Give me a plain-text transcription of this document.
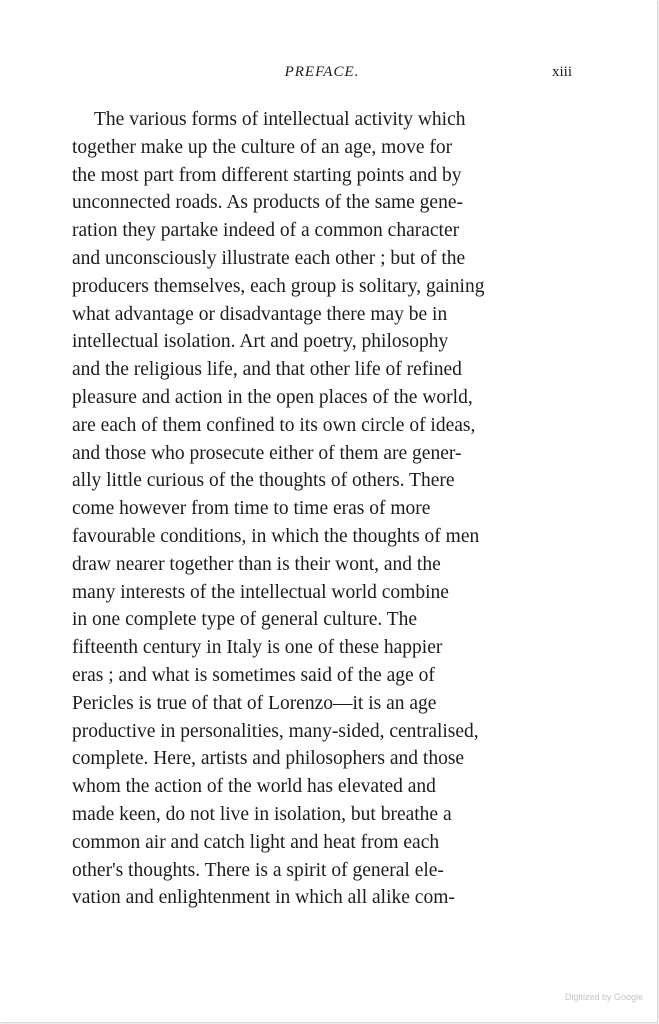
PREFACE.	xiii
The various forms of intellectual activity which
together make up the culture of an age, move for
the most part from different starting points and by
unconnected roads. As products of the same gene-
ration they partake indeed of a common character
and unconsciously illustrate each other ; but of the
producers themselves, each group is solitary, gaining
what advantage or disadvantage there may be in
intellectual isolation. Art and poetry, philosophy
and the religious life, and that other life of refined
pleasure and action in the open places of the world,
are each of them confined to its own circle of ideas,
and those who prosecute either of them are gener-
ally little curious of the thoughts of others. There
come however from time to time eras of more
favourable conditions, in which the thoughts of men
draw nearer together than is their wont, and the
many interests of the intellectual world combine
in one complete type of general culture. The
fifteenth century in Italy is one of these happier
eras ; and what is sometimes said of the age of
Pericles is true of that of Lorenzo—it is an age
productive in personalities, many-sided, centralised,
complete. Here, artists and philosophers and those
whom the action of the world has elevated and
made keen, do not live in isolation, but breathe a
common air and catch light and heat from each
other's thoughts. There is a spirit of general ele-
vation and enlightenment in which all alike com-
Digitized by Google
